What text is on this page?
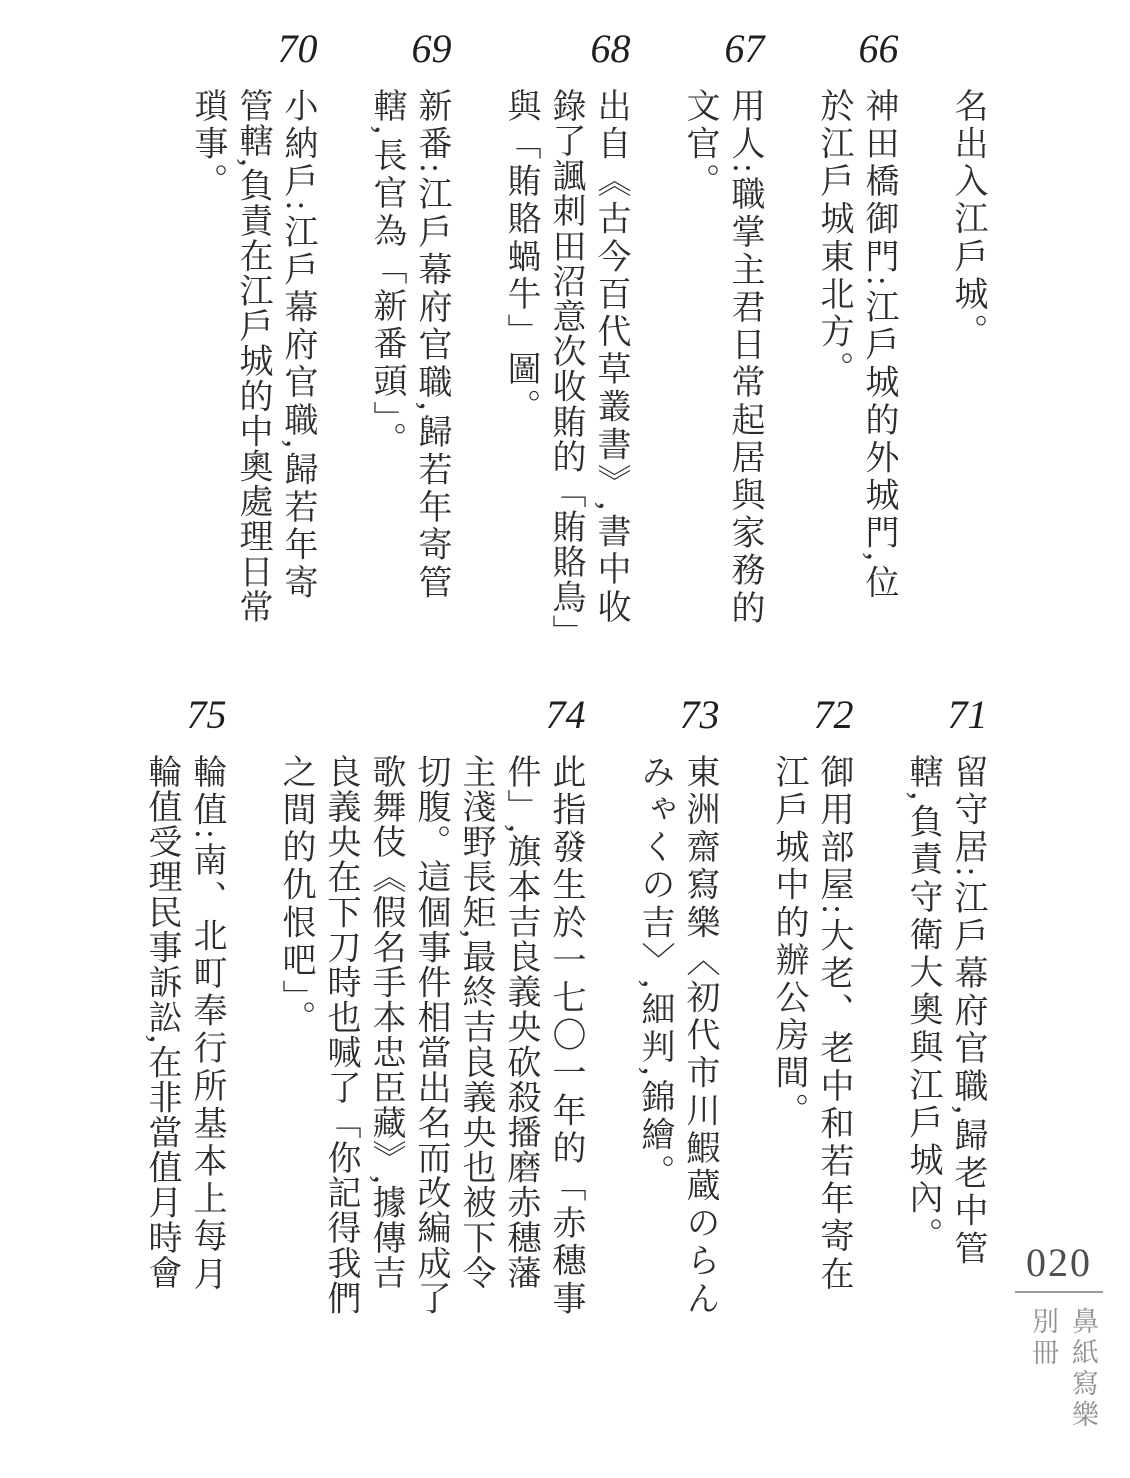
名出入江戶城。
66
神田橋御門:江戶城的外城門,位
於江戶城東北方。
67
用人:職掌主君日常起居與家務的
文官。
68
出自《古今百代草叢書》,書中收
錄了諷刺田沼意次收賄的「賄賂鳥」
與「賄賂蝸牛」圖。
69
新番:江戶幕府官職,歸若年寄管
轄,長官為「新番頭」。
70
小納戶:江戶幕府官職,歸若年寄
管轄,負責在江戶城的中奧處理日常
瑣事。
71
留守居:江戶幕府官職,歸老中管
轄,負責守衛大奧與江戶城內。
72
御用部屋:大老、老中和若年寄在
江戶城中的辦公房間。
73
東洲齋寫樂〈初代市川鰕蔵のらん
みゃくの吉〉,細判,錦繪。
74
此指發生於一七〇一年的「赤穗事
件」,旗本吉良義央砍殺播磨赤穗藩
主淺野長矩,最終吉良義央也被下令
切腹。這個事件相當出名而改編成了
歌舞伎《假名手本忠臣藏》,據傳吉
良義央在下刀時也喊了「你記得我們
之間的仇恨吧」。
75
輪值:南、北町奉行所基本上每月
輪值受理民事訴訟,在非當值月時會	020
鼻紙寫樂
別冊
